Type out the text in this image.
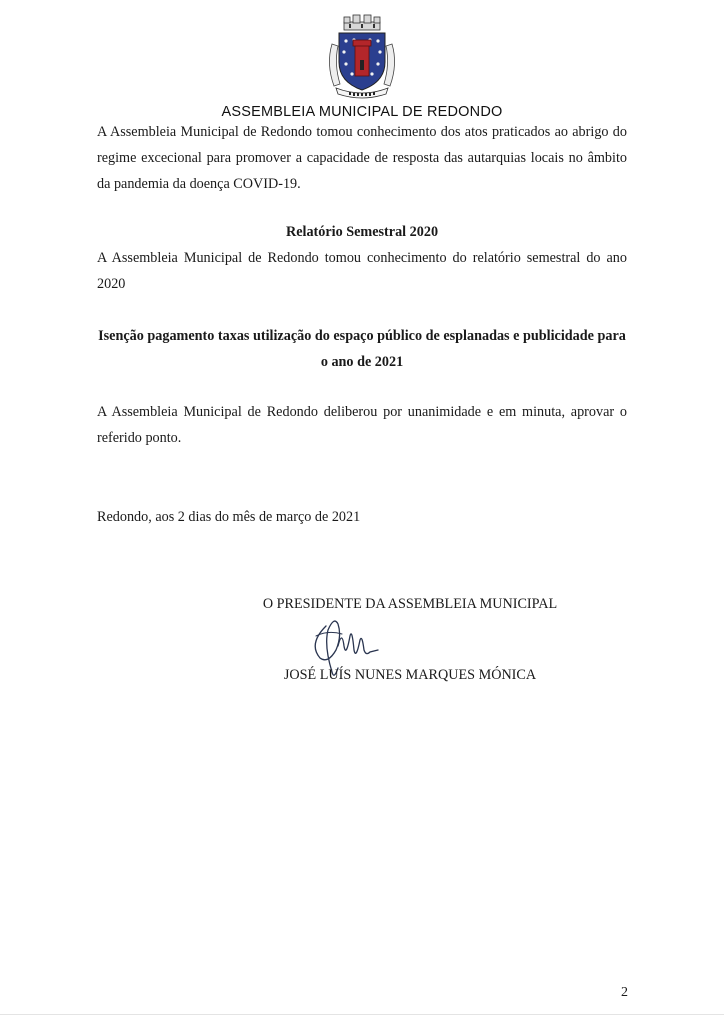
ASSEMBLEIA MUNICIPAL DE REDONDO

A Assembleia Municipal de Redondo tomou conhecimento dos atos praticados ao abrigo do regime excecional para promover a capacidade de resposta das autarquias locais no âmbito da pandemia da doença COVID-19.

Relatório Semestral 2020

A Assembleia Municipal de Redondo tomou conhecimento do relatório semestral do ano 2020

Isenção pagamento taxas utilização do espaço público de esplanadas e publicidade para o ano de 2021

A Assembleia Municipal de Redondo deliberou por unanimidade e em minuta, aprovar o referido ponto.

Redondo, aos 2 dias do mês de março de 2021

O PRESIDENTE DA ASSEMBLEIA MUNICIPAL

JOSÉ LUÍS NUNES MARQUES MÓNICA

2
